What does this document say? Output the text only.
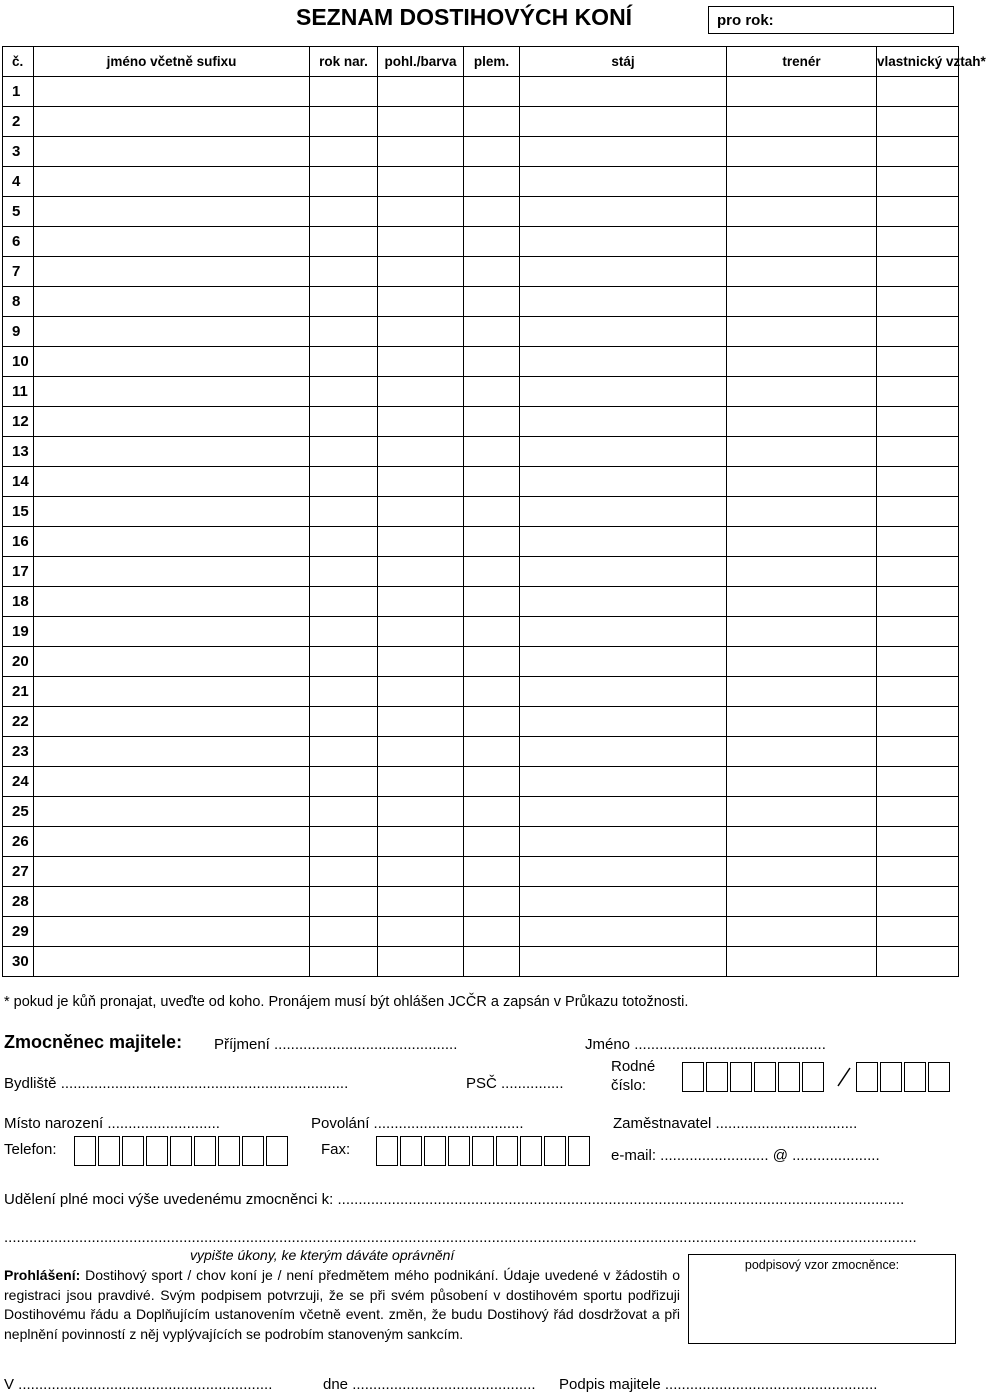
SEZNAM DOSTIHOVÝCH KONÍ	pro rok:
č.	jméno včetně sufixu	rok nar.	pohl./barva	plem.	stáj	trenér	vlastnický vztah*
1							
2							
3							
4							
5							
6							
7							
8							
9							
10							
11							
12							
13							
14							
15							
16							
17							
18							
19							
20							
21							
22							
23							
24							
25							
26							
27							
28							
29							
30							
* pokud je kůň pronajat, uveďte od koho. Pronájem musí být ohlášen JCČR a zapsán v Průkazu totožnosti.
Zmocněnec majitele: Příjmení ............................................	Jméno ..............................................
Bydliště .....................................................................	PSČ ...............
Rodné
číslo:
Místo narození ...........................	Povolání ....................................	Zaměstnavatel ..................................
Telefon:	Fax:	e-mail: .......................... @ .....................
Udělení plné moci výše uvedenému zmocněnci k: ........................................................................................................................................
...........................................................................................................................................................................................................................
vypište úkony, ke kterým dáváte oprávnění
podpisový vzor zmocněnce:
Prohlášení: Dostihový sport / chov koní je / není předmětem mého podnikání. Údaje uvedené v žádostih o registraci jsou pravdivé. Svým podpisem potvrzuji, že se při svém působení v dostihovém sportu podřizuji Dostihovému řádu a Doplňujícím ustanovením včetně event. změn, že budu Dostihový řád dosdržovat a při neplnění povinností z něj vyplývajících se podrobím stanoveným sankcím.
V .............................................................	dne ............................................ Podpis majitele ...................................................
